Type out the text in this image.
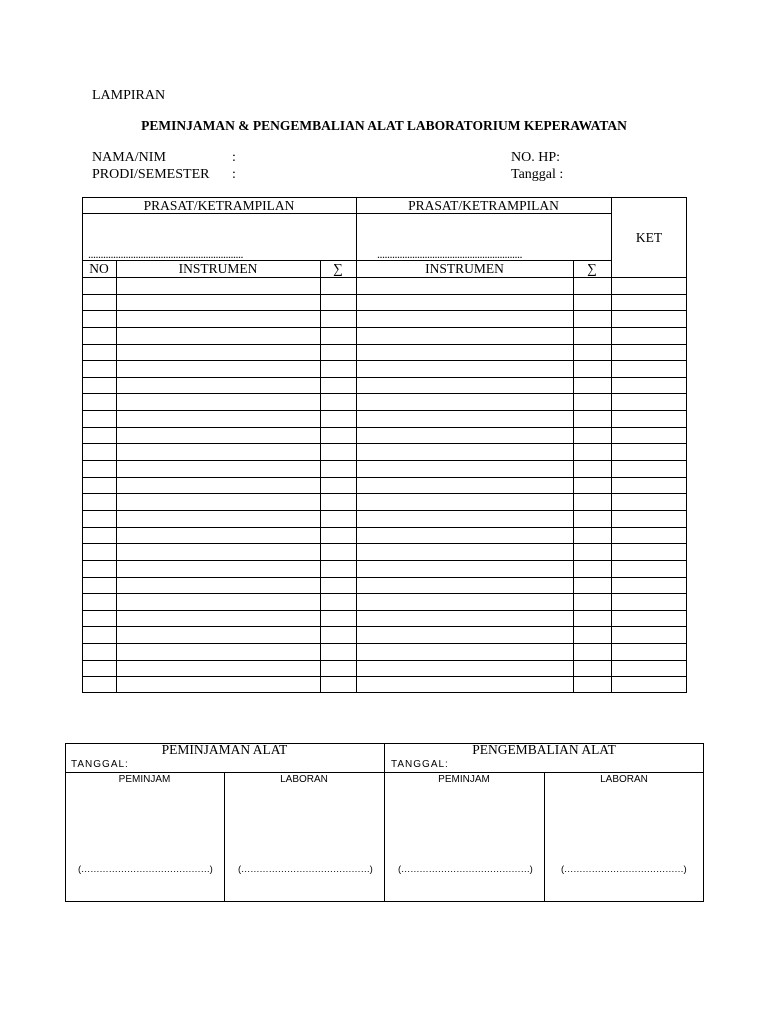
LAMPIRAN
PEMINJAMAN & PENGEMBALIAN ALAT LABORATORIUM KEPERAWATAN
NAMA/NIM	:
PRODI/SEMESTER :
NO. HP:
Tanggal :
PRASAT/KETRAMPILAN	PRASAT/KETRAMPILAN
..............................................................	..........................................................
KET
NO	INSTRUMEN	∑	INSTRUMEN	∑
PEMINJAMAN ALAT	PENGEMBALIAN ALAT
TANGGAL:	TANGGAL:
PEMINJAM	LABORAN	PEMINJAM	LABORAN
(……………………………………)	(……………………………………)	(……………………………………)	(…………………………………)
